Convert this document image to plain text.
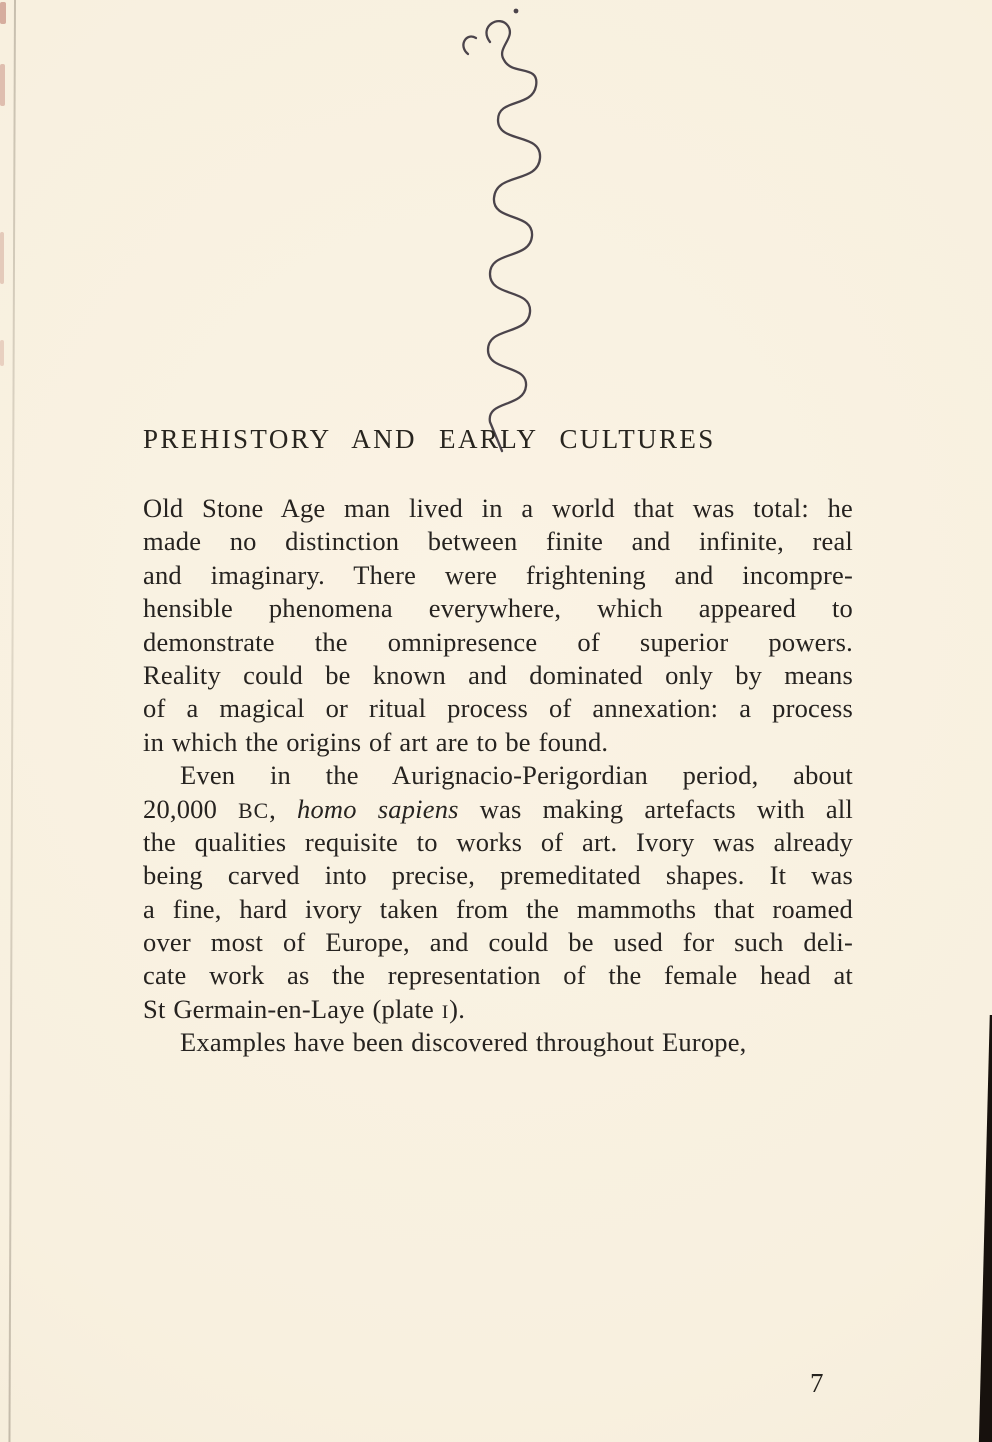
PREHISTORY AND EARLY CULTURES
Old Stone Age man lived in a world that was total: he
made no distinction between finite and infinite, real
and imaginary. There were frightening and incompre-
hensible phenomena everywhere, which appeared to
demonstrate the omnipresence of superior powers.
Reality could be known and dominated only by means
of a magical or ritual process of annexation: a process
in which the origins of art are to be found.
Even in the Aurignacio-Perigordian period, about
20,000 BC, homo sapiens was making artefacts with all
the qualities requisite to works of art. Ivory was already
being carved into precise, premeditated shapes. It was
a fine, hard ivory taken from the mammoths that roamed
over most of Europe, and could be used for such deli-
cate work as the representation of the female head at
St Germain-en-Laye (plate i).
Examples have been discovered throughout Europe,
7
